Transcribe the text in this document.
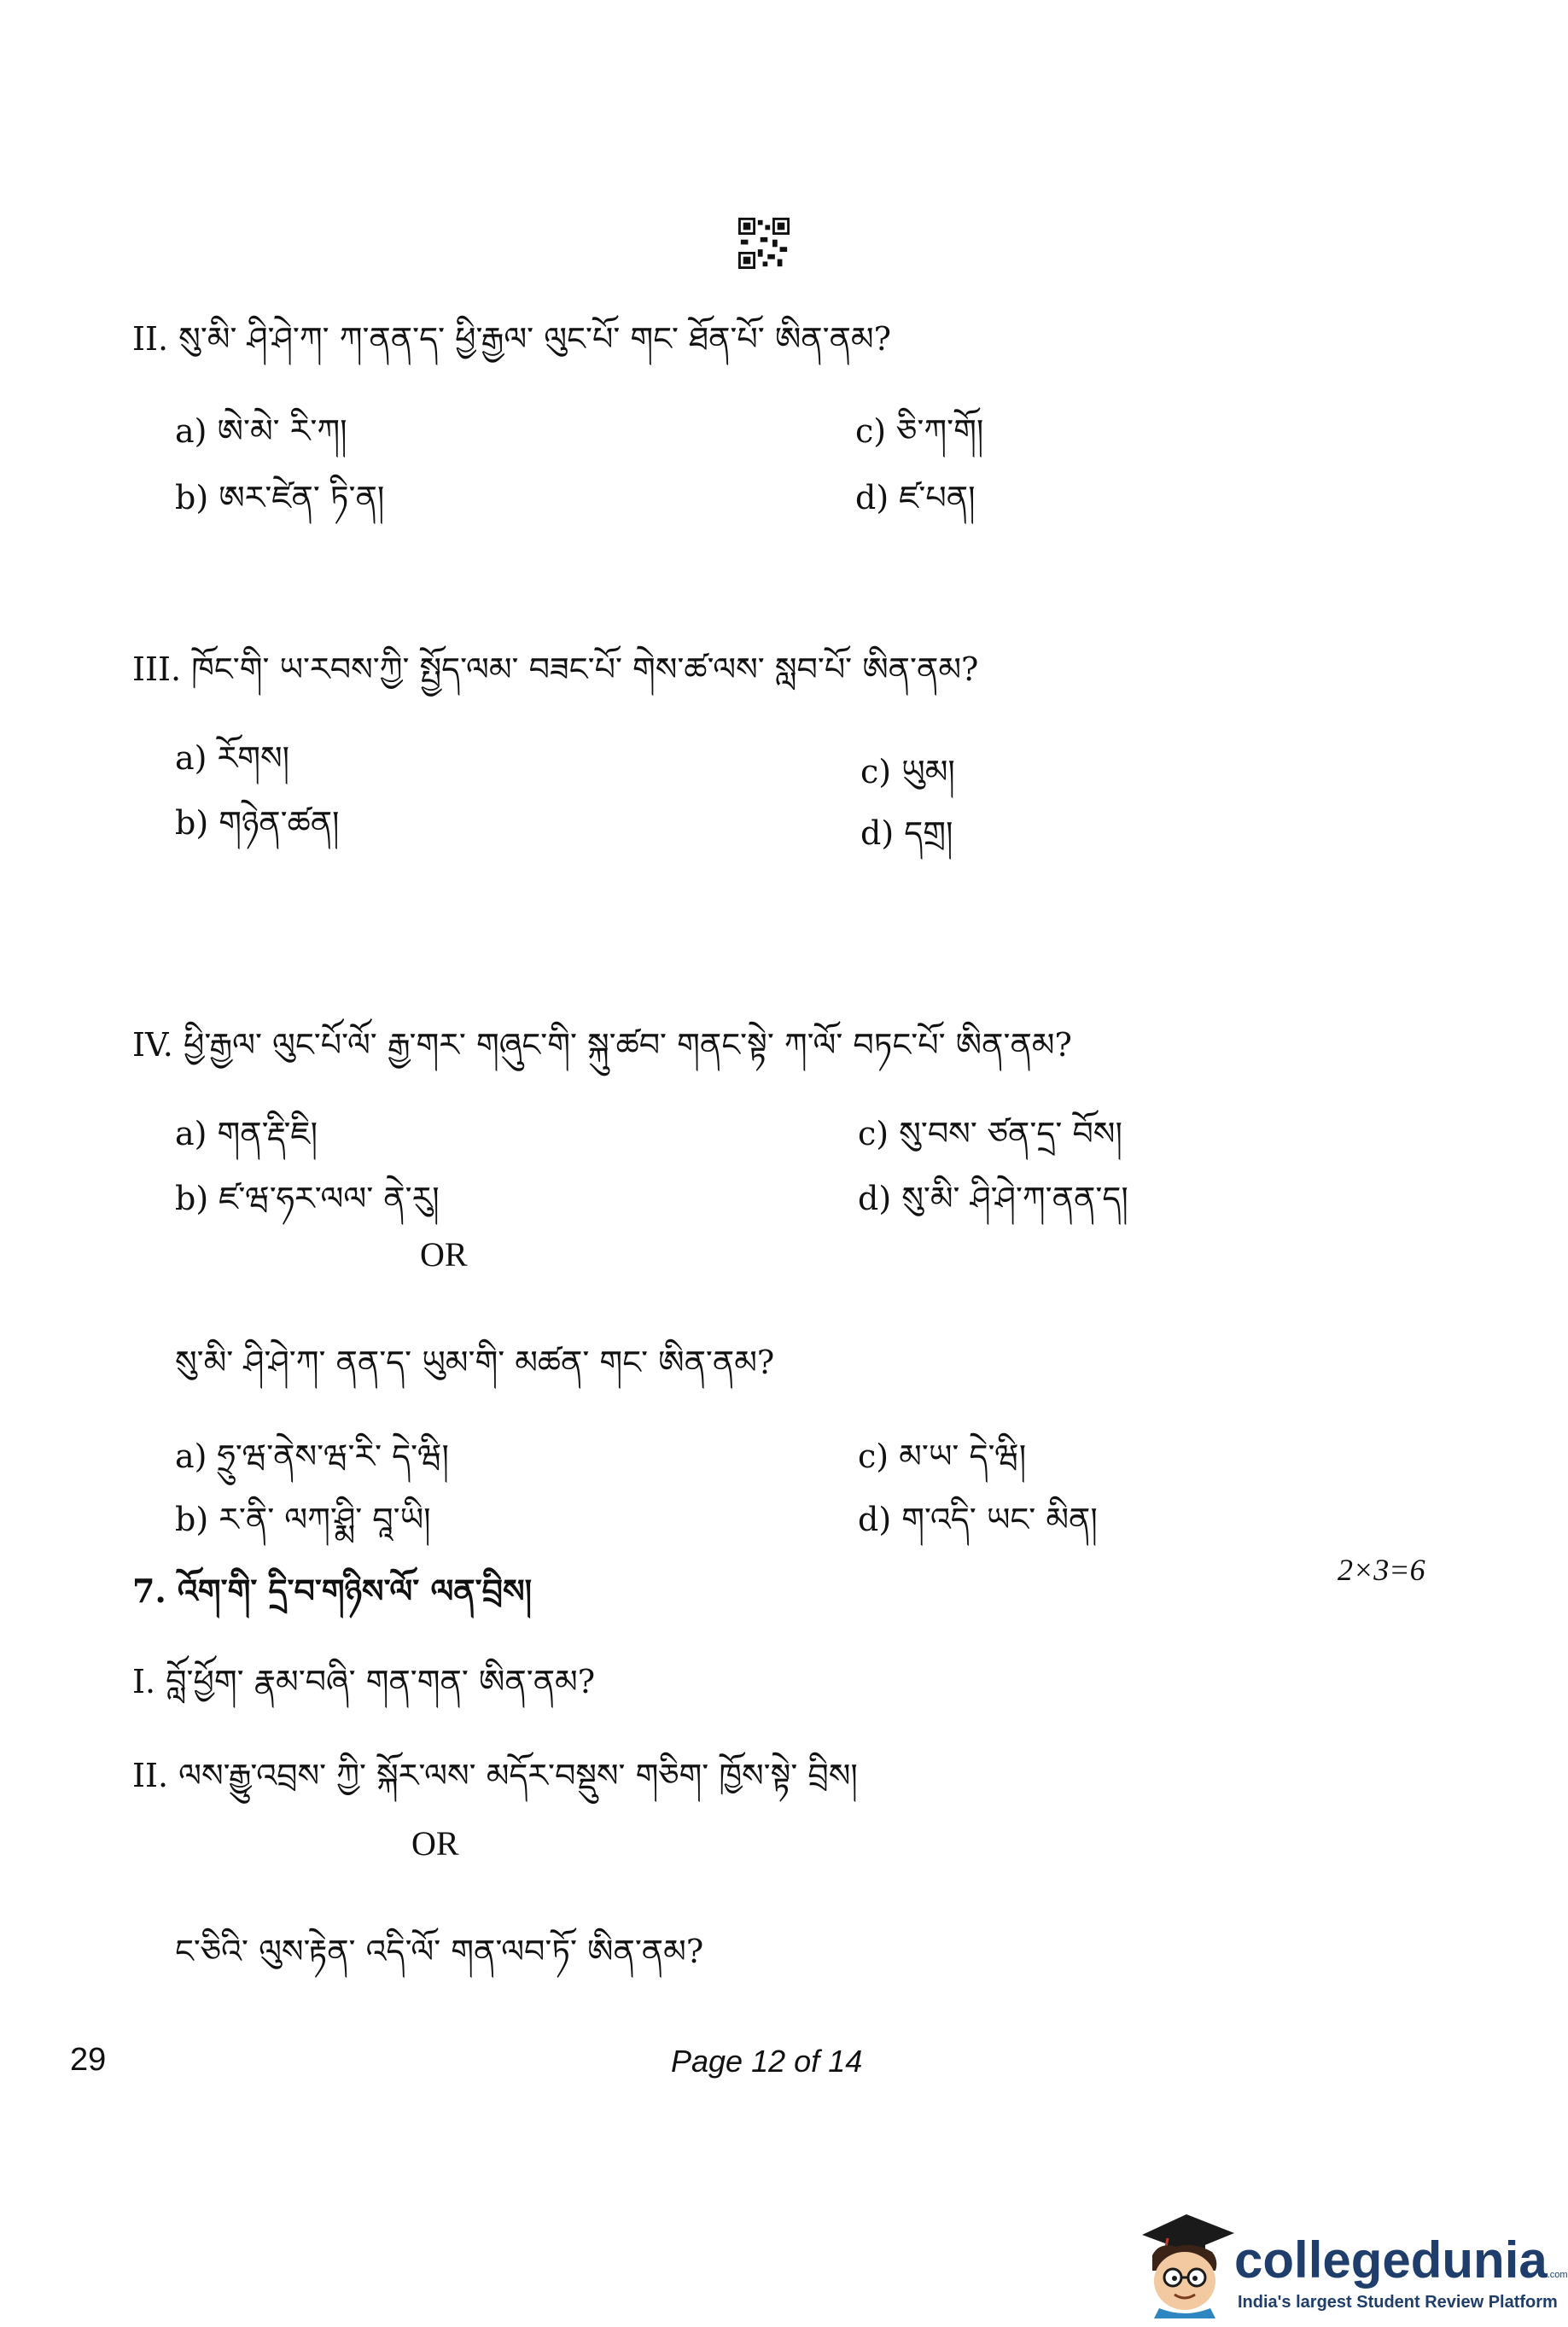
II. སུ་མི་ ཤི་ཤེ་ཀ་ ཀ་ནན་ད་ ཕྱི་རྒྱལ་ ལུང་པོ་ གང་ ཐོན་པོ་ ཨིན་ནམ?
a) ཨེ་མེ་ རི་ཀ།
b) ཨར་ཛེན་ ཏི་ན།
c) ཅི་ཀ་གོ།
d) ཛ་པན།
III. ཁོང་གི་ ཡ་རབས་ཀྱི་ སྤྱོད་ལམ་ བཟང་པོ་ གེས་ཚ་ལས་ སླབ་པོ་ ཨིན་ནམ?
a) རོགས།
b) གཉེན་ཚན།
c) ཡུམ།
d) དགྲ།
IV. ཕྱི་རྒྱལ་ ལུང་པོ་ལོ་ རྒྱ་གར་ གཞུང་གི་ སྐུ་ཚབ་ གནང་སྟེ་ ཀ་ལོ་ བཏང་པོ་ ཨིན་ནམ?
a) གན་རྡི་ཇི།
b) ཛ་ཝ་ཧར་ལལ་ ནེ་རུ།
c) སུ་བས་ ཙན་དྲ་ བོས།
d) སུ་མི་ ཤི་ཤེ་ཀ་ནན་ད།
OR
སུ་མི་ ཤི་ཤེ་ཀ་ ནན་ད་ ཡུམ་གི་ མཚན་ གང་ ཨིན་ནམ?
a) ཧྲུ་ཝ་ནེས་ཝ་རི་ དེ་ཝི།
b) ར་ནི་ ལཀ་ཤྨི་ བཱ་ཡི།
c) མ་ཡ་ དེ་ཝི།
d) ག་འདི་ ཡང་ མིན།
7. འོག་གི་ དྲི་བ་གཉིས་ལོ་ ལན་བྲིས།
2×3=6
I. བློ་ཕྱོག་ རྣམ་བཞི་ གན་གན་ ཨིན་ནམ?
II. ལས་རྒྱུ་འབྲས་ ཀྱི་ སྐོར་ལས་ མདོར་བསྡུས་ གཅིག་ ཁྱོས་སྟེ་ བྲིས།
OR
ང་ཅིའི་ ལུས་རྟེན་ འདི་ལོ་ གན་ལབ་ཏོ་ ཨིན་ནམ?
29	Page 12 of 14
collegedunia.com
India's largest Student Review Platform
